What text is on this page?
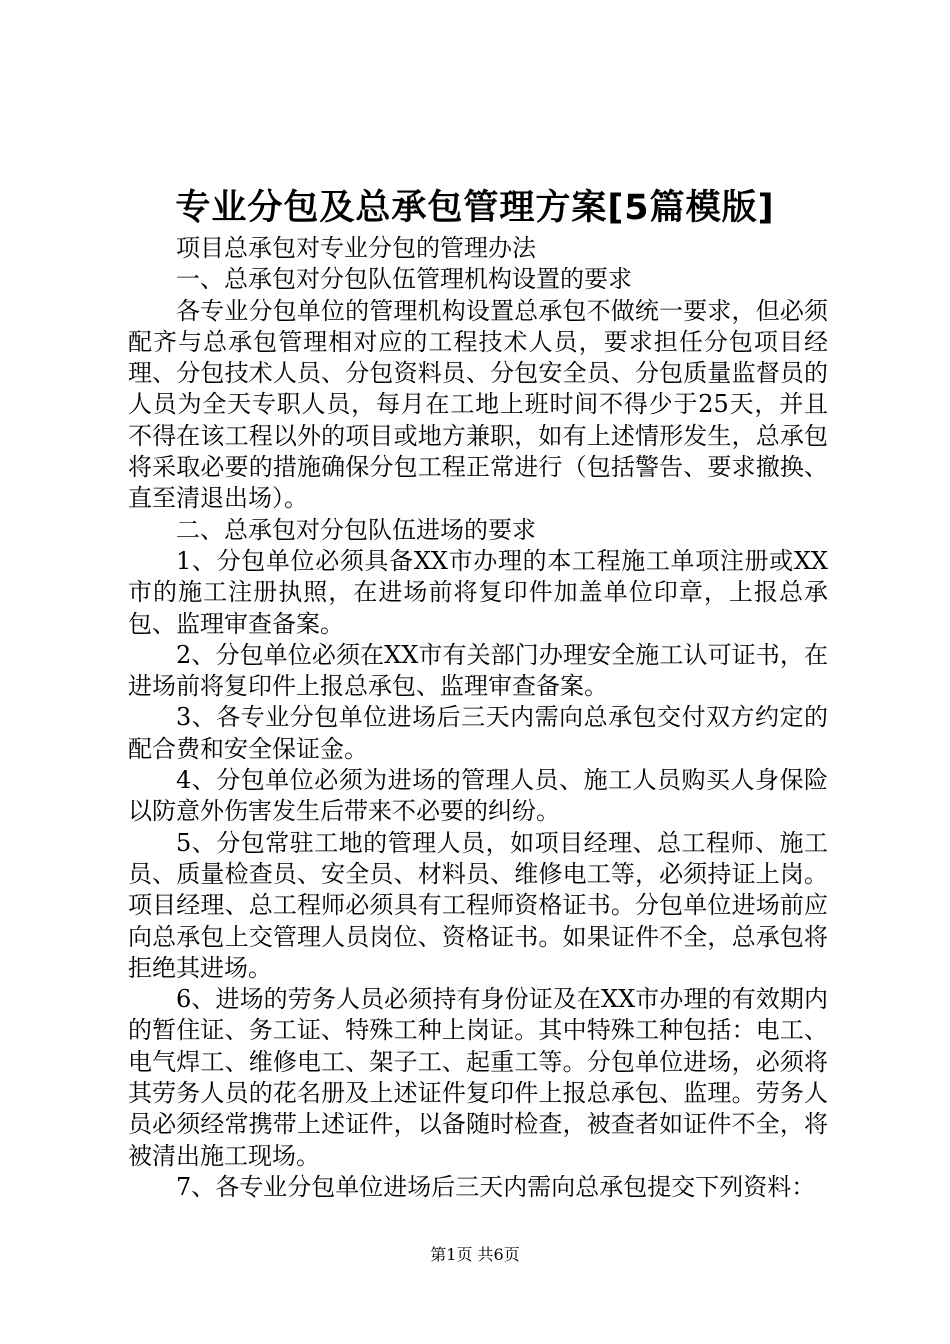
专业分包及总承包管理方案[5篇模版]

项目总承包对专业分包的管理办法

一、总承包对分包队伍管理机构设置的要求

各专业分包单位的管理机构设置总承包不做统一要求，但必须配齐与总承包管理相对应的工程技术人员，要求担任分包项目经理、分包技术人员、分包资料员、分包安全员、分包质量监督员的人员为全天专职人员，每月在工地上班时间不得少于25天，并且不得在该工程以外的项目或地方兼职，如有上述情形发生，总承包将采取必要的措施确保分包工程正常进行（包括警告、要求撤换、直至清退出场）。

二、总承包对分包队伍进场的要求

1、分包单位必须具备XX市办理的本工程施工单项注册或XX市的施工注册执照，在进场前将复印件加盖单位印章，上报总承包、监理审查备案。

2、分包单位必须在XX市有关部门办理安全施工认可证书，在进场前将复印件上报总承包、监理审查备案。

3、各专业分包单位进场后三天内需向总承包交付双方约定的配合费和安全保证金。

4、分包单位必须为进场的管理人员、施工人员购买人身保险以防意外伤害发生后带来不必要的纠纷。

5、分包常驻工地的管理人员，如项目经理、总工程师、施工员、质量检查员、安全员、材料员、维修电工等，必须持证上岗。项目经理、总工程师必须具有工程师资格证书。分包单位进场前应向总承包上交管理人员岗位、资格证书。如果证件不全，总承包将拒绝其进场。

6、进场的劳务人员必须持有身份证及在XX市办理的有效期内的暂住证、务工证、特殊工种上岗证。其中特殊工种包括：电工、电气焊工、维修电工、架子工、起重工等。分包单位进场，必须将其劳务人员的花名册及上述证件复印件上报总承包、监理。劳务人员必须经常携带上述证件，以备随时检查，被查者如证件不全，将被清出施工现场。

7、各专业分包单位进场后三天内需向总承包提交下列资料：

第1页 共6页
